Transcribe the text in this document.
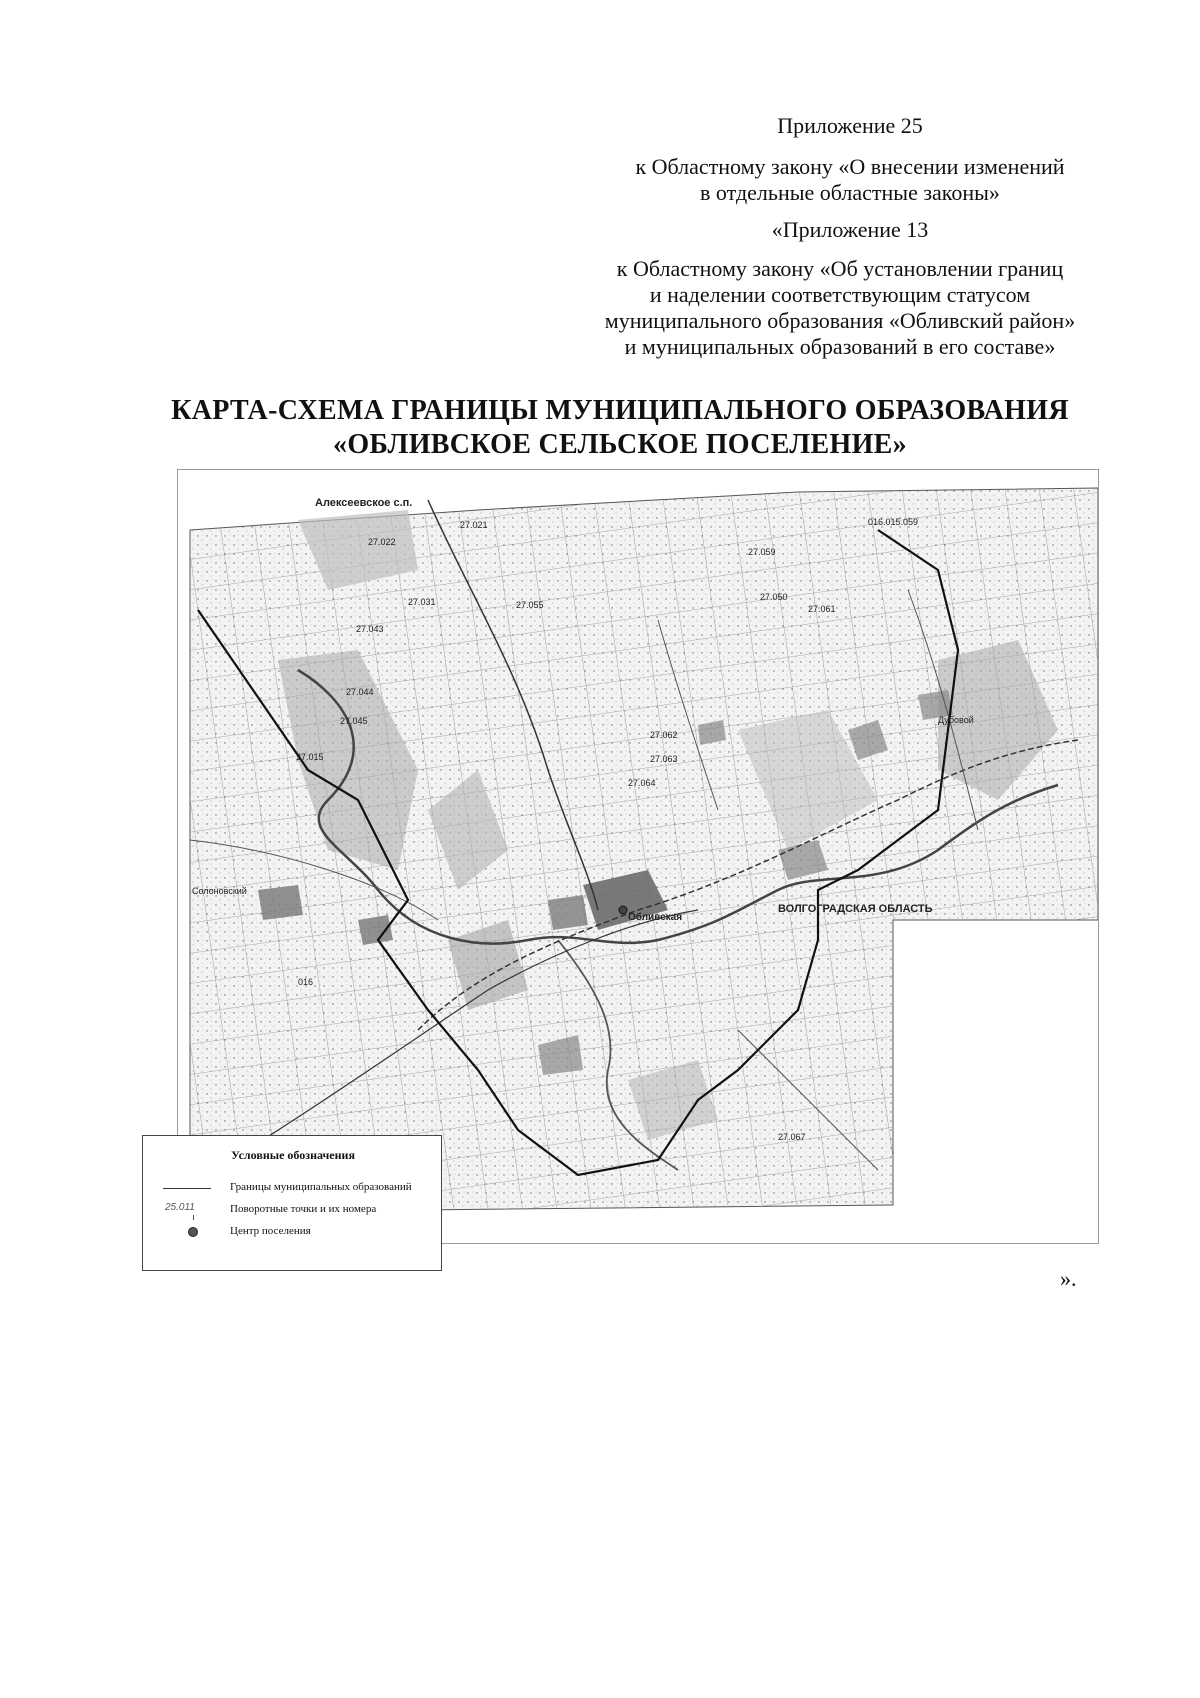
Приложение 25
к Областному закону «О внесении изменений
в отдельные областные законы»
«Приложение 13
к Областному закону «Об установлении границ
и наделении соответствующим статусом
муниципального образования «Обливский район»
и муниципальных образований в его составе»
КАРТА-СХЕМА ГРАНИЦЫ МУНИЦИПАЛЬНОГО ОБРАЗОВАНИЯ
«ОБЛИВСКОЕ СЕЛЬСКОЕ ПОСЕЛЕНИЕ»
Алексеевское с.п.
ВОЛГОГРАДСКАЯ ОБЛАСТЬ
Обливская
Дубовой
Солоновский
27.021
27.022
27.031
27.043
27.044
27.045
27.015
27.050
27.055
27.059
27.061
27.062
27.063
27.064
016
27.067
016.015.059
Условные обозначения
Границы муниципальных образований
25.011	Поворотные точки и их номера
Центр поселения
».
